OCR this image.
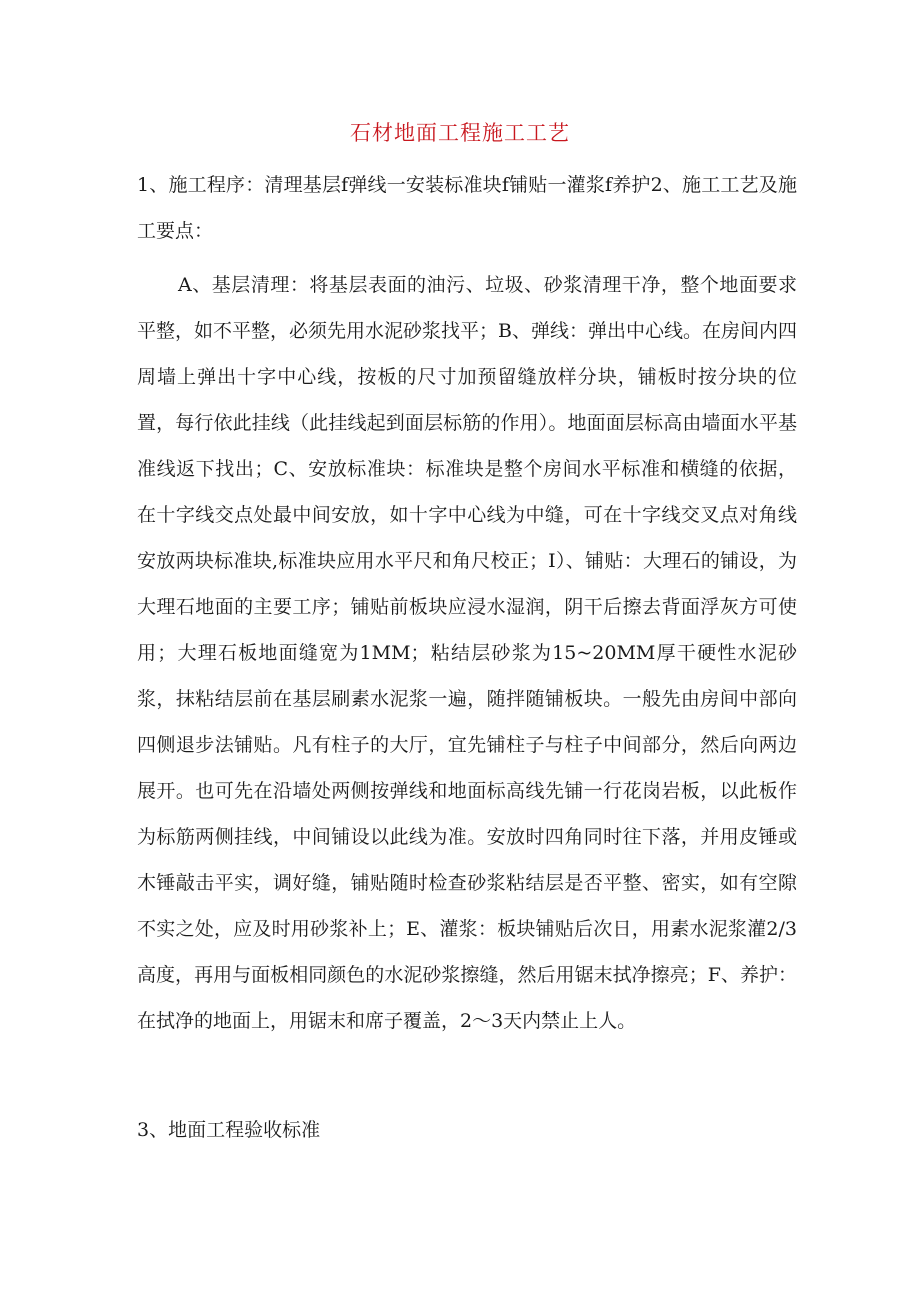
石材地面工程施工工艺

1、施工程序：清理基层f弹线一安装标准块f铺贴一灌浆f养护2、施工工艺及施工要点：

A、基层清理：将基层表面的油污、垃圾、砂浆清理干净，整个地面要求平整，如不平整，必须先用水泥砂浆找平；B、弹线：弹出中心线。在房间内四周墙上弹出十字中心线，按板的尺寸加预留缝放样分块，铺板时按分块的位置，每行依此挂线（此挂线起到面层标筋的作用）。地面面层标高由墙面水平基准线返下找出；C、安放标准块：标准块是整个房间水平标准和横缝的依据，在十字线交点处最中间安放，如十字中心线为中缝，可在十字线交叉点对角线安放两块标准块,标准块应用水平尺和角尺校正；I）、铺贴：大理石的铺设，为大理石地面的主要工序；铺贴前板块应浸水湿润，阴干后擦去背面浮灰方可使用；大理石板地面缝宽为1MM；粘结层砂浆为15~20MM厚干硬性水泥砂浆，抹粘结层前在基层刷素水泥浆一遍，随拌随铺板块。一般先由房间中部向四侧退步法铺贴。凡有柱子的大厅，宜先铺柱子与柱子中间部分，然后向两边展开。也可先在沿墙处两侧按弹线和地面标高线先铺一行花岗岩板，以此板作为标筋两侧挂线，中间铺设以此线为准。安放时四角同时往下落，并用皮锤或木锤敲击平实，调好缝，铺贴随时检查砂浆粘结层是否平整、密实，如有空隙不实之处，应及时用砂浆补上；E、灌浆：板块铺贴后次日，用素水泥浆灌2/3高度，再用与面板相同颜色的水泥砂浆擦缝，然后用锯末拭净擦亮；F、养护：在拭净的地面上，用锯末和席子覆盖，2～3天内禁止上人。

3、地面工程验收标准
